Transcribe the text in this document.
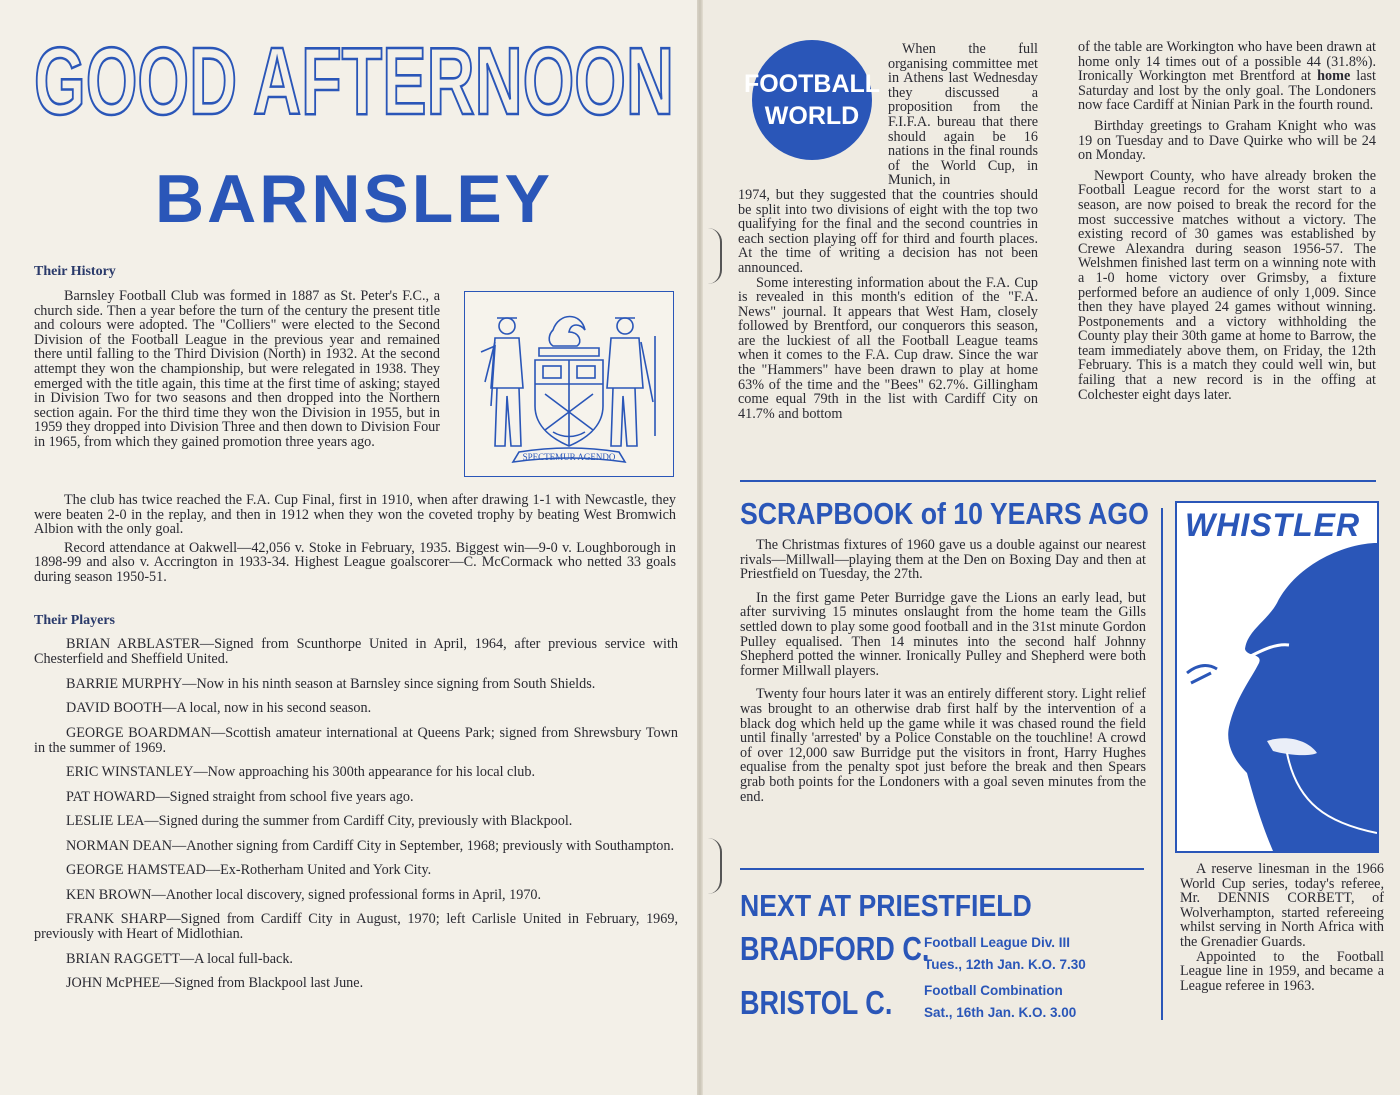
GOOD AFTERNOON
BARNSLEY
Their History

Barnsley Football Club was formed in 1887 as St. Peter's F.C., a church side. Then a year before the turn of the century the present title and colours were adopted. The "Colliers" were elected to the Second Division of the Football League in the previous year and remained there until falling to the Third Division (North) in 1932. At the second attempt they won the championship, but were relegated in 1938. They emerged with the title again, this time at the first time of asking; stayed in Division Two for two seasons and then dropped into the Northern section again. For the third time they won the Division in 1955, but in 1959 they dropped into Division Three and then down to Division Four in 1965, from which they gained promotion three years ago.

SPECTEMUR AGENDO

The club has twice reached the F.A. Cup Final, first in 1910, when after drawing 1-1 with Newcastle, they were beaten 2-0 in the replay, and then in 1912 when they won the coveted trophy by beating West Bromwich Albion with the only goal.

Record attendance at Oakwell—42,056 v. Stoke in February, 1935. Biggest win—9-0 v. Loughborough in 1898-99 and also v. Accrington in 1933-34. Highest League goalscorer—C. McCormack who netted 33 goals during season 1950-51.

Their Players

BRIAN ARBLASTER—Signed from Scunthorpe United in April, 1964, after previous service with Chesterfield and Sheffield United.

BARRIE MURPHY—Now in his ninth season at Barnsley since signing from South Shields.

DAVID BOOTH—A local, now in his second season.

GEORGE BOARDMAN—Scottish amateur international at Queens Park; signed from Shrewsbury Town in the summer of 1969.

ERIC WINSTANLEY—Now approaching his 300th appearance for his local club.

PAT HOWARD—Signed straight from school five years ago.

LESLIE LEA—Signed during the summer from Cardiff City, previously with Blackpool.

NORMAN DEAN—Another signing from Cardiff City in September, 1968; previously with Southampton.

GEORGE HAMSTEAD—Ex-Rotherham United and York City.

KEN BROWN—Another local discovery, signed professional forms in April, 1970.

FRANK SHARP—Signed from Cardiff City in August, 1970; left Carlisle United in February, 1969, previously with Heart of Midlothian.

BRIAN RAGGETT—A local full-back.

JOHN McPHEE—Signed from Blackpool last June.

FOOTBALL
WORLD

When the full organising committee met in Athens last Wednesday they discussed a proposition from the F.I.F.A. bureau that there should again be 16 nations in the final rounds of the World Cup, in Munich, in

1974, but they suggested that the countries should be split into two divisions of eight with the top two qualifying for the final and the second countries in each section playing off for third and fourth places. At the time of writing a decision has not been announced.

Some interesting information about the F.A. Cup is revealed in this month's edition of the "F.A. News" journal. It appears that West Ham, closely followed by Brentford, our conquerors this season, are the luckiest of all the Football League teams when it comes to the F.A. Cup draw. Since the war the "Hammers" have been drawn to play at home 63% of the time and the "Bees" 62.7%. Gillingham come equal 79th in the list with Cardiff City on 41.7% and bottom

of the table are Workington who have been drawn at home only 14 times out of a possible 44 (31.8%). Ironically Workington met Brentford at home last Saturday and lost by the only goal. The Londoners now face Cardiff at Ninian Park in the fourth round.

Birthday greetings to Graham Knight who was 19 on Tuesday and to Dave Quirke who will be 24 on Monday.

Newport County, who have already broken the Football League record for the worst start to a season, are now poised to break the record for the most successive matches without a victory. The existing record of 30 games was established by Crewe Alexandra during season 1956-57. The Welshmen finished last term on a winning note with a 1-0 home victory over Grimsby, a fixture performed before an audience of only 1,009. Since then they have played 24 games without winning. Postponements and a victory withholding the County play their 30th game at home to Barrow, the team immediately above them, on Friday, the 12th February. This is a match they could well win, but failing that a new record is in the offing at Colchester eight days later.

SCRAPBOOK of 10 YEARS AGO

The Christmas fixtures of 1960 gave us a double against our nearest rivals—Millwall—playing them at the Den on Boxing Day and then at Priestfield on Tuesday, the 27th.

In the first game Peter Burridge gave the Lions an early lead, but after surviving 15 minutes onslaught from the home team the Gills settled down to play some good football and in the 31st minute Gordon Pulley equalised. Then 14 minutes into the second half Johnny Shepherd potted the winner. Ironically Pulley and Shepherd were both former Millwall players.

Twenty four hours later it was an entirely different story. Light relief was brought to an otherwise drab first half by the intervention of a black dog which held up the game while it was chased round the field until finally 'arrested' by a Police Constable on the touchline! A crowd of over 12,000 saw Burridge put the visitors in front, Harry Hughes equalise from the penalty spot just before the break and then Spears grab both points for the Londoners with a goal seven minutes from the end.

WHISTLER

A reserve linesman in the 1966 World Cup series, today's referee, Mr. DENNIS CORBETT, of Wolverhampton, started refereeing whilst serving in North Africa with the Grenadier Guards.

Appointed to the Football League line in 1959, and became a League referee in 1963.

NEXT AT PRIESTFIELD
BRADFORD C.
Football League Div. III
Tues., 12th Jan. K.O. 7.30
BRISTOL C. Football Combination
Sat., 16th Jan. K.O. 3.00
